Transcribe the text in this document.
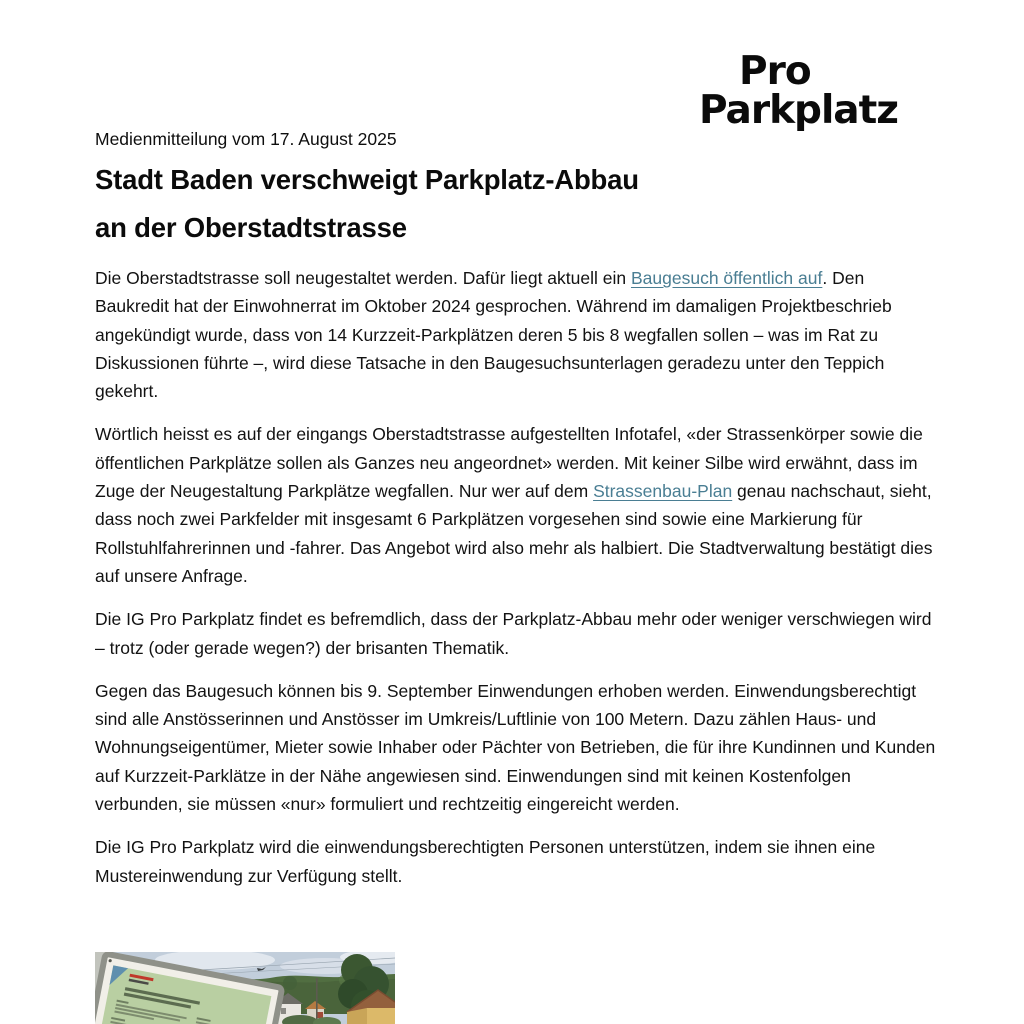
Pro
Parkplatz
Medienmitteilung vom 17. August 2025
Stadt Baden verschweigt Parkplatz-Abbau
an der Oberstadtstrasse

Die Oberstadtstrasse soll neugestaltet werden. Dafür liegt aktuell ein Baugesuch öffentlich auf. Den Baukredit hat der Einwohnerrat im Oktober 2024 gesprochen. Während im damaligen Projektbeschrieb angekündigt wurde, dass von 14 Kurzzeit-Parkplätzen deren 5 bis 8 wegfallen sollen – was im Rat zu Diskussionen führte –, wird diese Tatsache in den Baugesuchsunterlagen geradezu unter den Teppich gekehrt.

Wörtlich heisst es auf der eingangs Oberstadtstrasse aufgestellten Infotafel, «der Strassenkörper sowie die öffentlichen Parkplätze sollen als Ganzes neu angeordnet» werden. Mit keiner Silbe wird erwähnt, dass im Zuge der Neugestaltung Parkplätze wegfallen. Nur wer auf dem Strassenbau-Plan genau nachschaut, sieht, dass noch zwei Parkfelder mit insgesamt 6 Parkplätzen vorgesehen sind sowie eine Markierung für Rollstuhlfahrerinnen und -fahrer. Das Angebot wird also mehr als halbiert. Die Stadtverwaltung bestätigt dies auf unsere Anfrage.

Die IG Pro Parkplatz findet es befremdlich, dass der Parkplatz-Abbau mehr oder weniger verschwiegen wird – trotz (oder gerade wegen?) der brisanten Thematik.

Gegen das Baugesuch können bis 9. September Einwendungen erhoben werden. Einwendungsberechtigt sind alle Anstösserinnen und Anstösser im Umkreis/Luftlinie von 100 Metern. Dazu zählen Haus- und Wohnungseigentümer, Mieter sowie Inhaber oder Pächter von Betrieben, die für ihre Kundinnen und Kunden auf Kurzzeit-Parklätze in der Nähe angewiesen sind. Einwendungen sind mit keinen Kostenfolgen verbunden, sie müssen «nur» formuliert und rechtzeitig eingereicht werden.

Die IG Pro Parkplatz wird die einwendungsberechtigten Personen unterstützen, indem sie ihnen eine Mustereinwendung zur Verfügung stellt.
